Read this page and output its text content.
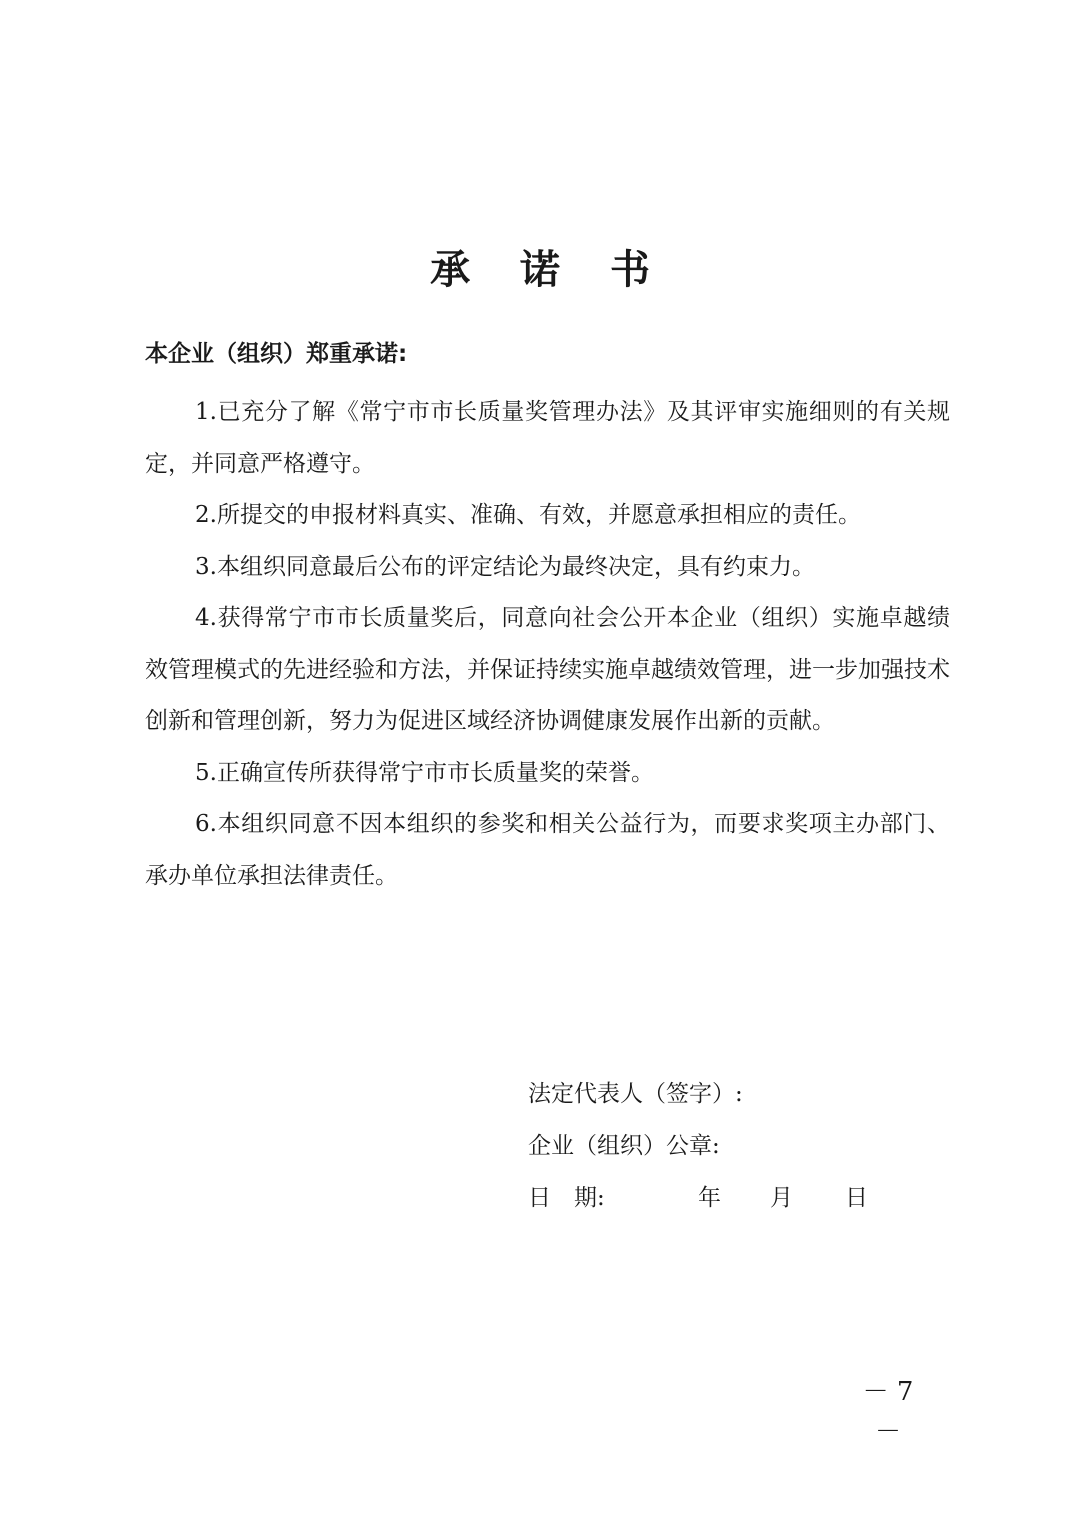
承 诺 书
本企业（组织）郑重承诺:

1.已充分了解《常宁市市长质量奖管理办法》及其评审实施细则的有关规定，并同意严格遵守。

2.所提交的申报材料真实、准确、有效，并愿意承担相应的责任。

3.本组织同意最后公布的评定结论为最终决定，具有约束力。

4.获得常宁市市长质量奖后，同意向社会公开本企业（组织）实施卓越绩效管理模式的先进经验和方法，并保证持续实施卓越绩效管理，进一步加强技术创新和管理创新，努力为促进区域经济协调健康发展作出新的贡献。

5.正确宣传所获得常宁市市长质量奖的荣誉。

6.本组织同意不因本组织的参奖和相关公益行为，而要求奖项主办部门、承办单位承担法律责任。

法定代表人（签字）:
企业（组织）公章:
日　期:	年 月 日
－ 7 －
